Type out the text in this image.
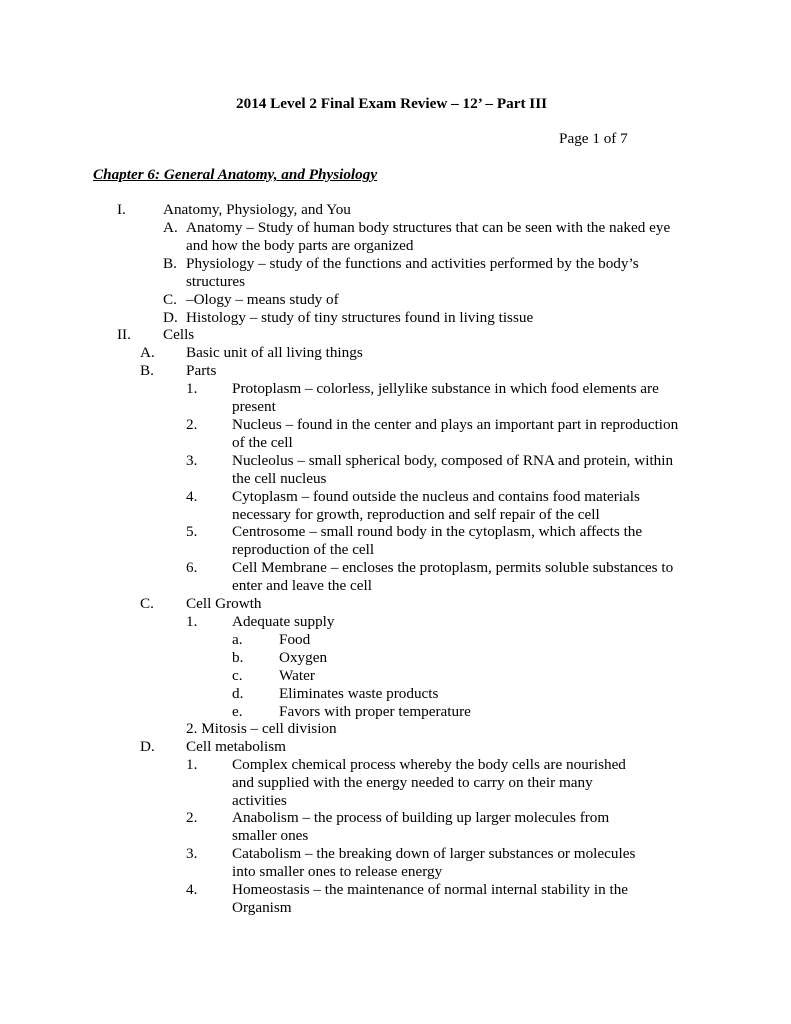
2014 Level 2 Final Exam Review – 12’ – Part III
Page 1 of 7
Chapter 6: General Anatomy, and Physiology
I. Anatomy, Physiology, and You
A. Anatomy – Study of human body structures that can be seen with the naked eye
and how the body parts are organized
B. Physiology – study of the functions and activities performed by the body’s
structures
C. –Ology – means study of
D. Histology – study of tiny structures found in living tissue
II. Cells
A. Basic unit of all living things
B. Parts
1. Protoplasm – colorless, jellylike substance in which food elements are
present
2. Nucleus – found in the center and plays an important part in reproduction
of the cell
3. Nucleolus – small spherical body, composed of RNA and protein, within
the cell nucleus
4. Cytoplasm – found outside the nucleus and contains food materials
necessary for growth, reproduction and self repair of the cell
5. Centrosome – small round body in the cytoplasm, which affects the
reproduction of the cell
6. Cell Membrane – encloses the protoplasm, permits soluble substances to
enter and leave the cell
C. Cell Growth
1. Adequate supply
a. Food
b. Oxygen
c. Water
d. Eliminates waste products
e. Favors with proper temperature
2. Mitosis – cell division
D. Cell metabolism
1. Complex chemical process whereby the body cells are nourished
and supplied with the energy needed to carry on their many
activities
2. Anabolism – the process of building up larger molecules from
smaller ones
3. Catabolism – the breaking down of larger substances or molecules
into smaller ones to release energy
4. Homeostasis – the maintenance of normal internal stability in the
Organism
